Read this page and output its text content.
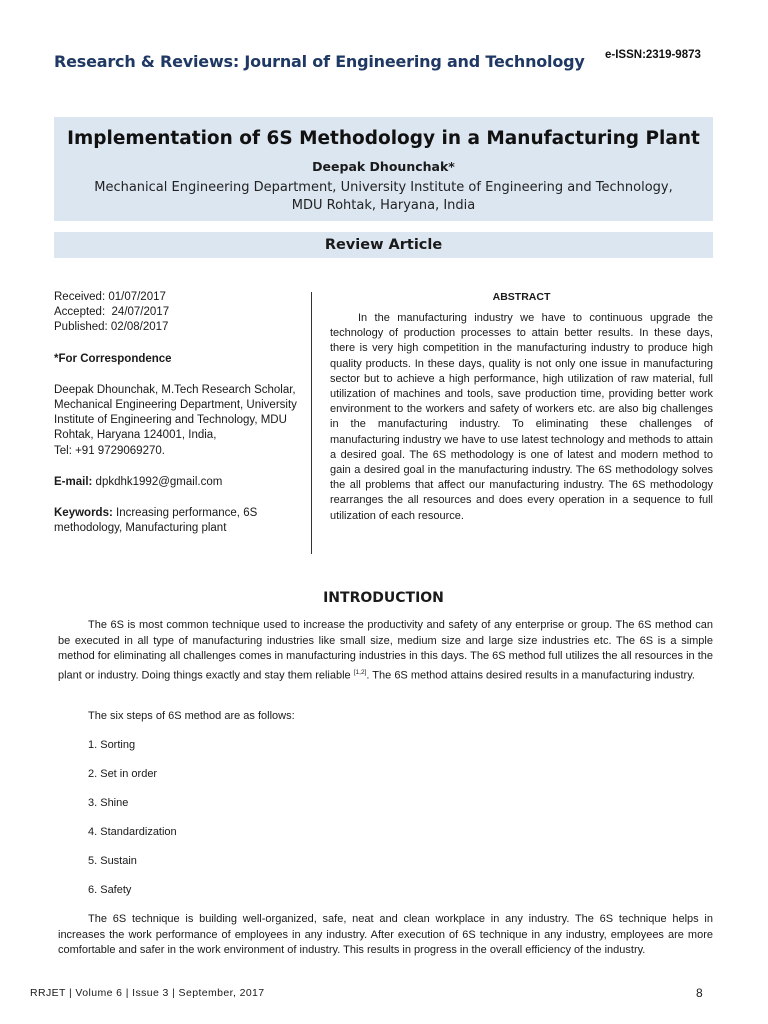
Research & Reviews: Journal of Engineering and Technology e-ISSN:2319-9873
Implementation of 6S Methodology in a Manufacturing Plant
Deepak Dhounchak*
Mechanical Engineering Department, University Institute of Engineering and Technology,
MDU Rohtak, Haryana, India
Review Article
Received: 01/07/2017
Accepted:  24/07/2017
Published: 02/08/2017
*For Correspondence
Deepak Dhounchak, M.Tech Research Scholar, Mechanical Engineering Department, University Institute of Engineering and Technology, MDU Rohtak, Haryana 124001, India,
Tel: +91 9729069270.
E-mail: dpkdhk1992@gmail.com
Keywords: Increasing performance, 6S methodology, Manufacturing plant
ABSTRACT

In the manufacturing industry we have to continuous upgrade the technology of production processes to attain better results. In these days, there is very high competition in the manufacturing industry to produce high quality products. In these days, quality is not only one issue in manufacturing sector but to achieve a high performance, high utilization of raw material, full utilization of machines and tools, save production time, providing better work environment to the workers and safety of workers etc. are also big challenges in the manufacturing industry. To eliminating these challenges of manufacturing industry we have to use latest technology and methods to attain a desired goal. The 6S methodology is one of latest and modern method to gain a desired goal in the manufacturing industry. The 6S methodology solves the all problems that affect our manufacturing industry. The 6S methodology rearranges the all resources and does every operation in a sequence to full utilization of each resource.

INTRODUCTION

The 6S is most common technique used to increase the productivity and safety of any enterprise or group. The 6S method can be executed in all type of manufacturing industries like small size, medium size and large size industries etc. The 6S is a simple method for eliminating all challenges comes in manufacturing industries in this days. The 6S method full utilizes the all resources in the plant or industry. Doing things exactly and stay them reliable [1,2]. The 6S method attains desired results in a manufacturing industry.

The six steps of 6S method are as follows:
1. Sorting
2. Set in order
3. Shine
4. Standardization
5. Sustain
6. Safety

The 6S technique is building well-organized, safe, neat and clean workplace in any industry. The 6S technique helps in increases the work performance of employees in any industry. After execution of 6S technique in any industry, employees are more comfortable and safer in the work environment of industry. This results in progress in the overall efficiency of the industry.

RRJET | Volume 6 | Issue 3 | September, 2017	8
